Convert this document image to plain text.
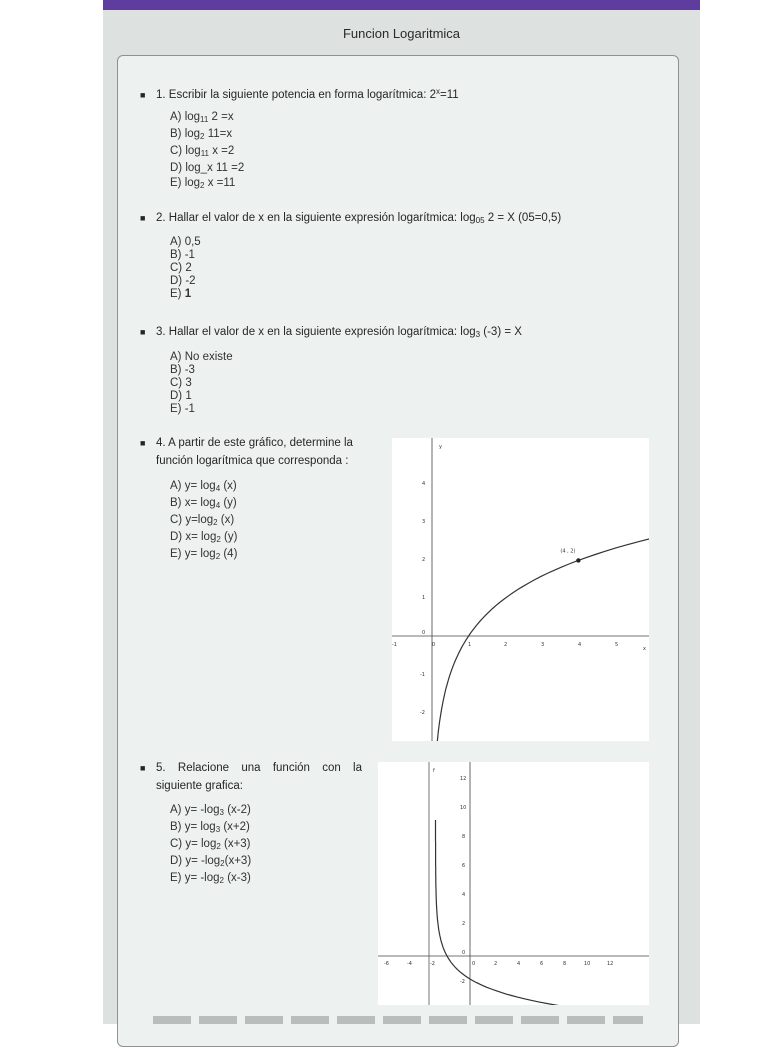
Funcion Logaritmica
■ 1. Escribir la siguiente potencia en forma logarítmica: $2^x=11$
A) $\log_{11} 2 =x$
B) $\log_2 11=x$
C) $\log_{11} x =2$
D) log_x 11 =2
E) $\log_2 x =11$
■ 2. Hallar el valor de x en la siguiente expresión logarítmica: $\log_{05} 2 = X$ (05=0,5)
A) 0,5
B) -1
C) 2
D) -2
E) 1
■ 3. Hallar el valor de x en la siguiente expresión logarítmica: $\log_3 (-3) = X$
A) No existe
B) -3
C) 3
D) 1
E) -1
■ 4. A partir de este gráfico, determine la
función logarítmica que corresponda :
A) $y= \log_4 (x)$
B) $x= \log_4 (y)$
C) $y=\log_2$ (x)
D) $x= \log_2 (y)$
E) $y= \log_2 (4)$
y
x
-1	0	1	2	3	4	5
4
3
2
1
0
-1
-2
(4 , 2)
■ 5. Relacione una función con la
siguiente grafica:
A) $y= -\log_3$ (x-2)
B) $y= \log_3 (x+2)$
C) $y= \log_2 (x+3)$
D) $y= -\log_2(x+3)$
E) $y= -\log_2$ (x-3)
f
-6	-4	-2	0	2	4	6	8	10	12
12
10
8
6
4
2
0
-2
